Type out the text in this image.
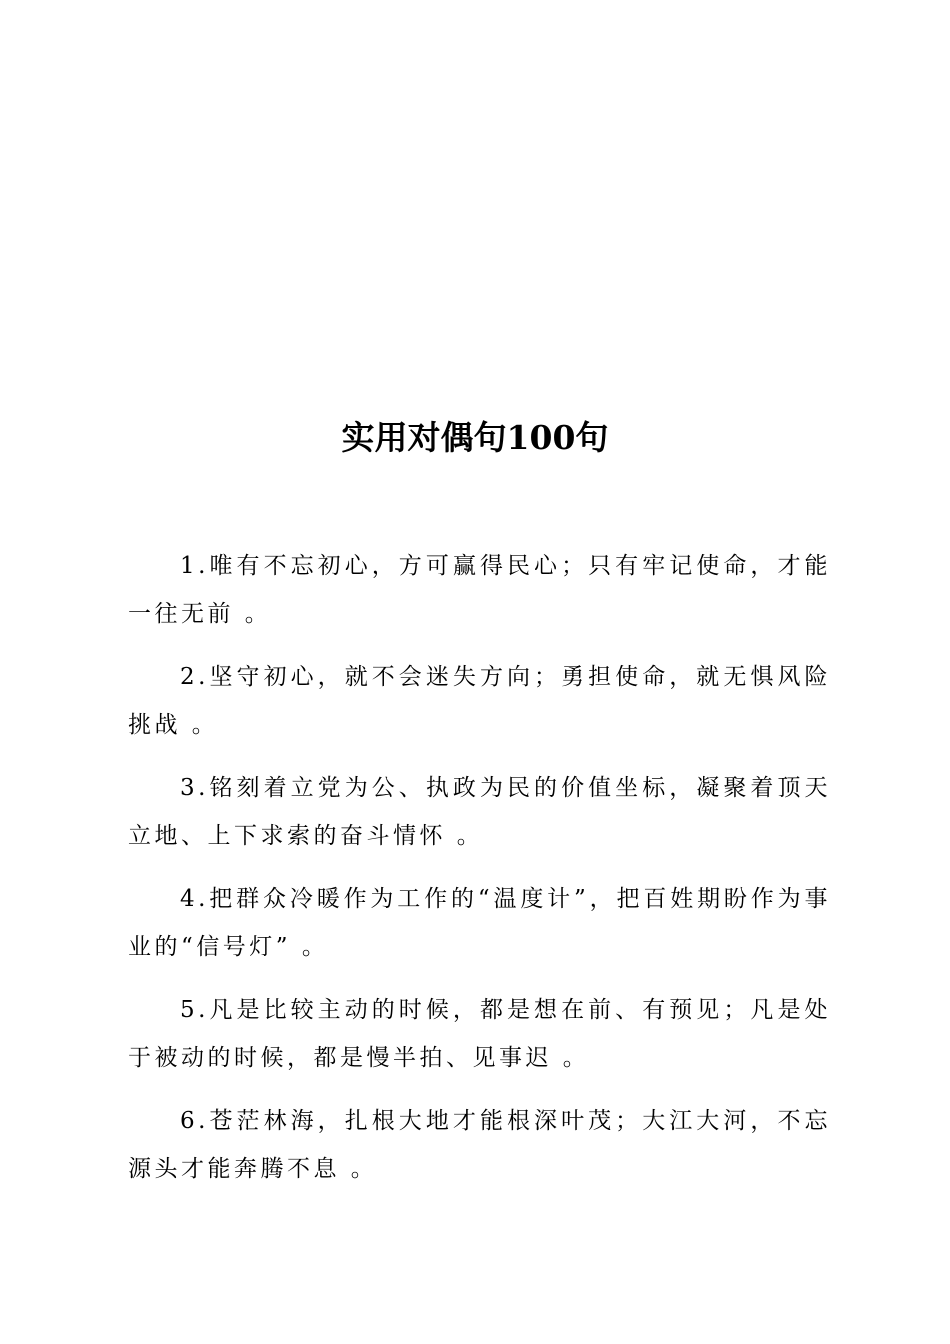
实用对偶句100句

1.唯有不忘初心，方可赢得民心；只有牢记使命，才能一往无前 。

2.坚守初心，就不会迷失方向；勇担使命，就无惧风险挑战 。

3.铭刻着立党为公、执政为民的价值坐标，凝聚着顶天立地、上下求索的奋斗情怀 。

4.把群众冷暖作为工作的“温度计”，把百姓期盼作为事业的“信号灯” 。

5.凡是比较主动的时候，都是想在前、有预见；凡是处于被动的时候，都是慢半拍、见事迟 。

6.苍茫林海，扎根大地才能根深叶茂；大江大河，不忘源头才能奔腾不息 。
